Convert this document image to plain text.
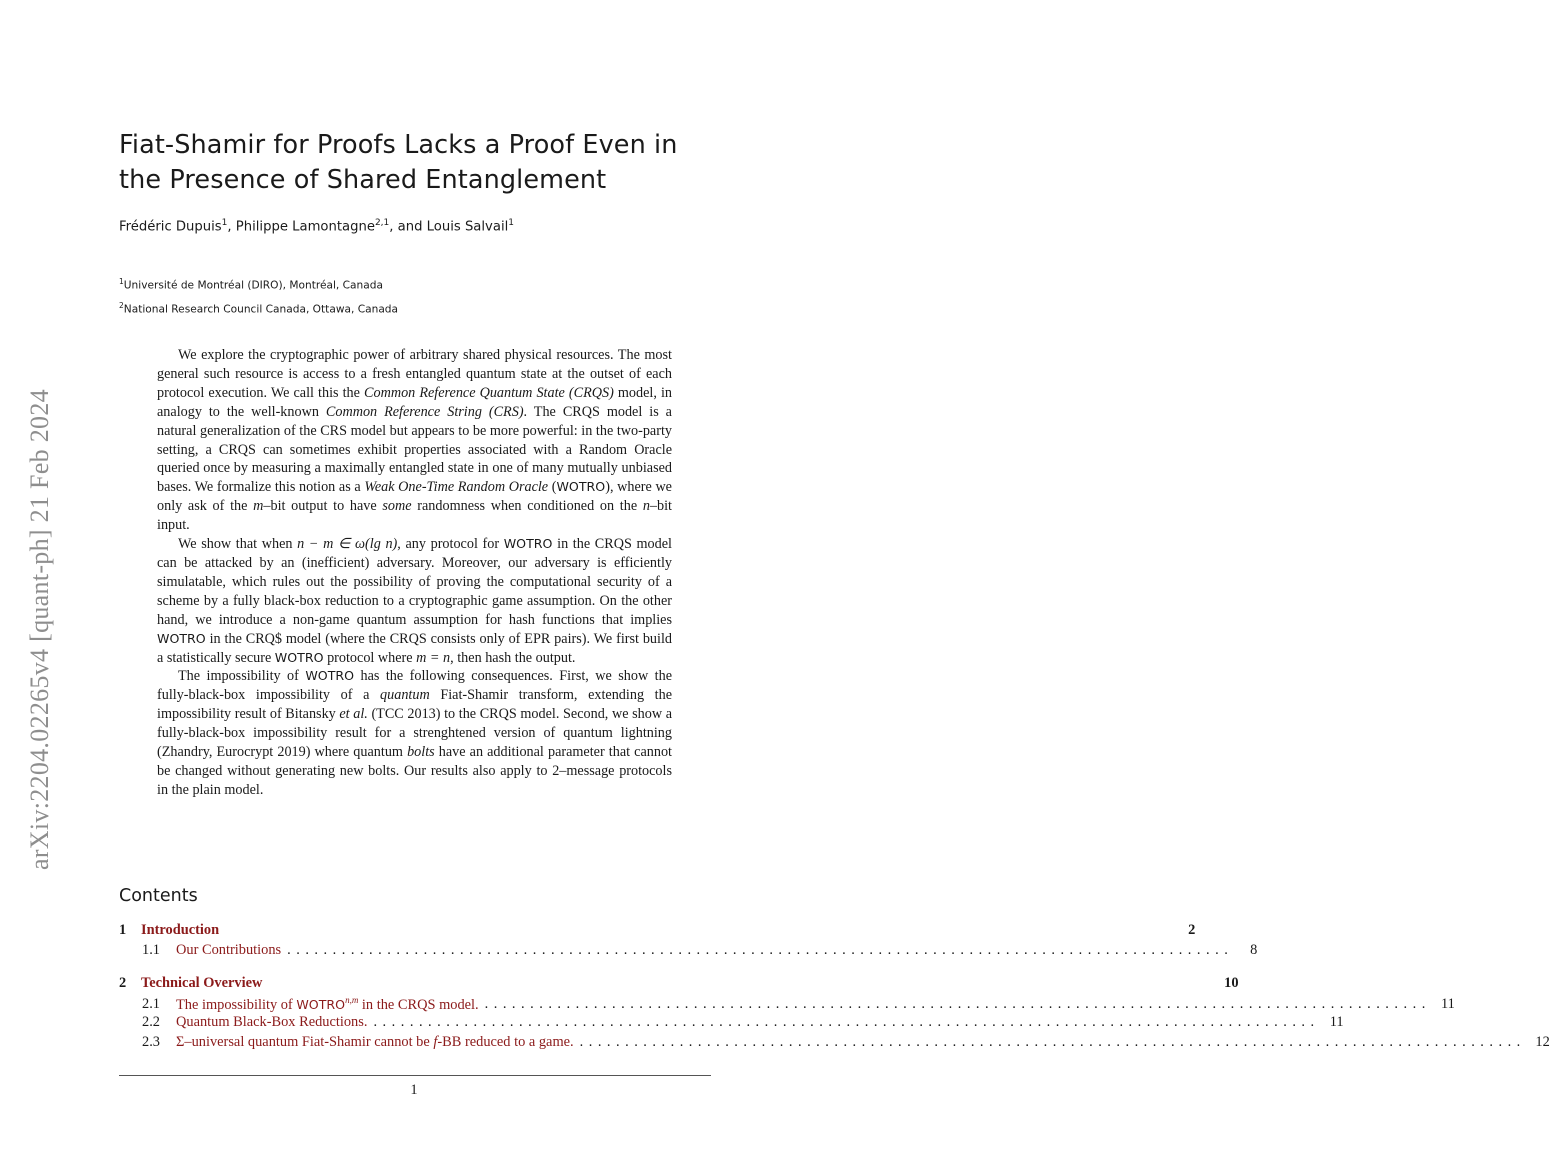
arXiv:2204.02265v4 [quant-ph] 21 Feb 2024
Fiat-Shamir for Proofs Lacks a Proof Even in the Presence of Shared Entanglement
Frédéric Dupuis$^1$, Philippe Lamontagne$^{2,1}$, and Louis Salvail$^1$
$^1$Université de Montréal (DIRO), Montréal, Canada
$^2$National Research Council Canada, Ottawa, Canada

We explore the cryptographic power of arbitrary shared physical resources. The most general such resource is access to a fresh entangled quantum state at the outset of each protocol execution. We call this the Common Reference Quantum State (CRQS) model, in analogy to the well-known Common Reference String (CRS). The CRQS model is a natural generalization of the CRS model but appears to be more powerful: in the two-party setting, a CRQS can sometimes exhibit properties associated with a Random Oracle queried once by measuring a maximally entangled state in one of many mutually unbiased bases. We formalize this notion as a Weak One-Time Random Oracle (WOTRO), where we only ask of the m–bit output to have some randomness when conditioned on the n–bit input.

We show that when n − m ∈ ω(lg n), any protocol for WOTRO in the CRQS model can be attacked by an (inefficient) adversary. Moreover, our adversary is efficiently simulatable, which rules out the possibility of proving the computational security of a scheme by a fully black-box reduction to a cryptographic game assumption. On the other hand, we introduce a non-game quantum assumption for hash functions that implies WOTRO in the CRQ$ model (where the CRQS consists only of EPR pairs). We first build a statistically secure WOTRO protocol where m = n, then hash the output.

The impossibility of WOTRO has the following consequences. First, we show the fully-black-box impossibility of a quantum Fiat-Shamir transform, extending the impossibility result of Bitansky et al. (TCC 2013) to the CRQS model. Second, we show a fully-black-box impossibility result for a strenghtened version of quantum lightning (Zhandry, Eurocrypt 2019) where quantum bolts have an additional parameter that cannot be changed without generating new bolts. Our results also apply to 2–message protocols in the plain model.

Contents
1	Introduction	2
1.1	Our Contributions ........................................................................................................	8
2	Technical Overview	10
2.1	The impossibility of WOTRO$^{n,m}$ in the CRQS model. ........................................................................................................ 11
2.2	Quantum Black-Box Reductions. ........................................................................................................ 11
2.3	Σ–universal quantum Fiat-Shamir cannot be f-BB reduced to a game. ........................................................................................................ 12
1
